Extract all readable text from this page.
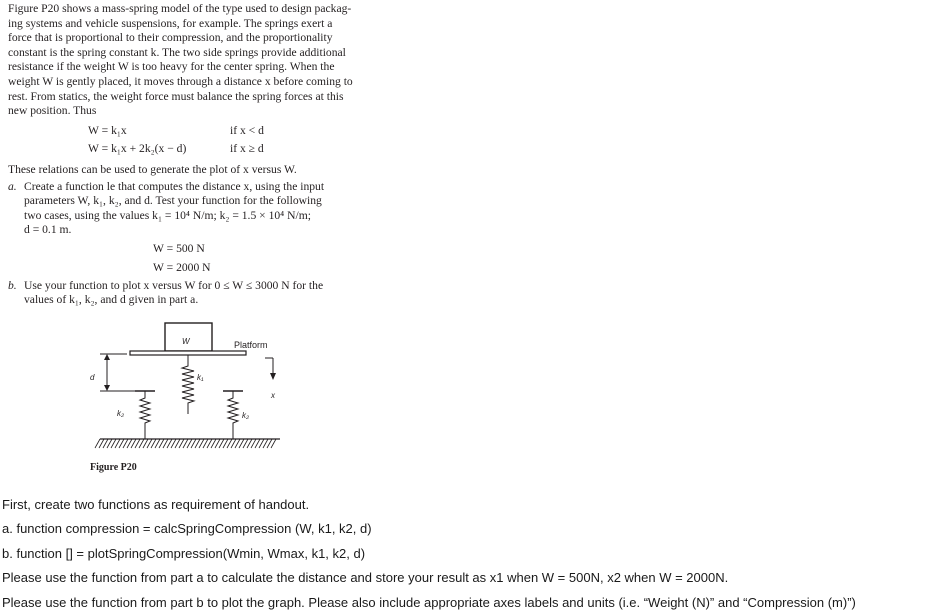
Figure P20 shows a mass-spring model of the type used to design packag-

ing systems and vehicle suspensions, for example. The springs exert a

force that is proportional to their compression, and the proportionality

constant is the spring constant k. The two side springs provide additional

resistance if the weight W is too heavy for the center spring. When the

weight W is gently placed, it moves through a distance x before coming to

rest. From statics, the weight force must balance the spring forces at this

new position. Thus

W = k₁x	if x < d
W = k₁x + 2k₂(x − d)	if x ≥ d
These relations can be used to generate the plot of x versus W.
a. Create a function le that computes the distance x, using the input
parameters W, k₁, k₂, and d. Test your function for the following
two cases, using the values k₁ = 10⁴ N/m; k₂ = 1.5 × 10⁴ N/m;
d = 0.1 m.
W = 500 N
W = 2000 N
b. Use your function to plot x versus W for 0 ≤ W ≤ 3000 N for the
values of k₁, k₂, and d given in part a.
W	Platform
d
x
k₁
k₂	k₂
Figure P20
First, create two functions as requirement of handout.
a. function compression = calcSpringCompression (W, k1, k2, d)
b. function [] = plotSpringCompression(Wmin, Wmax, k1, k2, d)
Please use the function from part a to calculate the distance and store your result as x1 when W = 500N, x2 when W = 2000N.
Please use the function from part b to plot the graph. Please also include appropriate axes labels and units (i.e. “Weight (N)” and “Compression (m)”)
